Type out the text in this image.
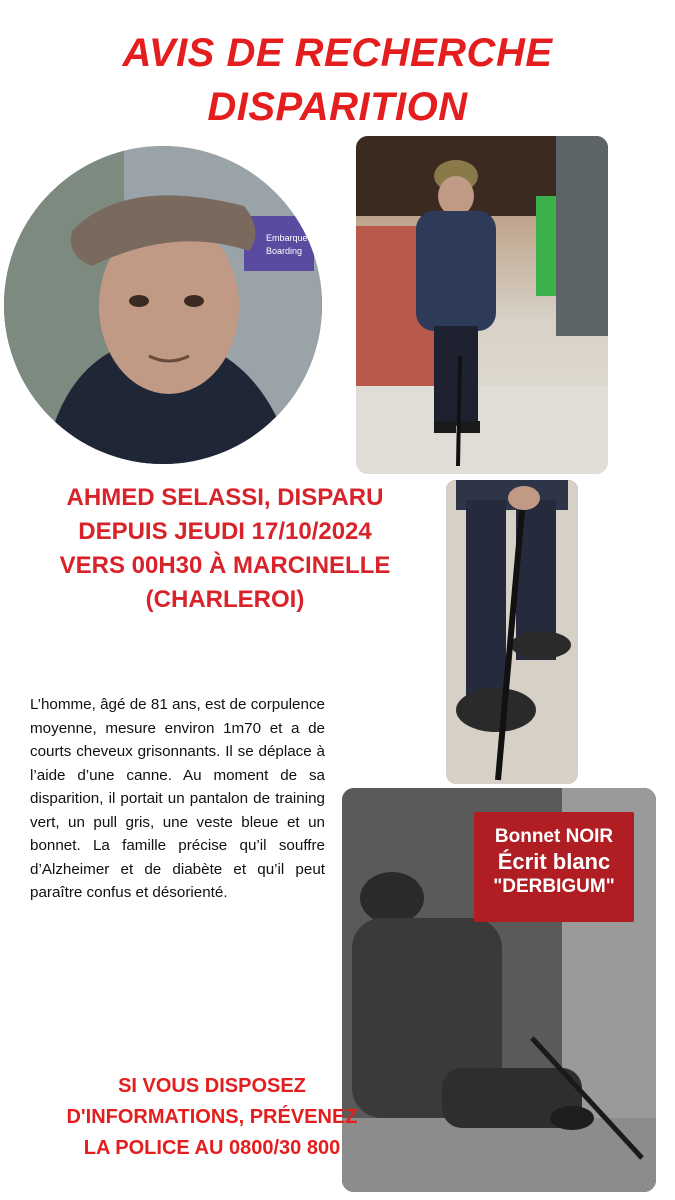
AVIS DE RECHERCHE
DISPARITION
Embarque
Boarding
AHMED SELASSI, DISPARU
DEPUIS JEUDI 17/10/2024
VERS 00H30 À MARCINELLE
(CHARLEROI)
L’homme, âgé de 81 ans, est de corpulence moyenne, mesure environ 1m70 et a de courts cheveux grisonnants. Il se déplace à l’aide d’une canne. Au moment de sa disparition, il portait un pantalon de training vert, un pull gris, une veste bleue et un bonnet. La famille précise qu’il souffre d’Alzheimer et de diabète et qu’il peut paraître confus et désorienté.
Bonnet NOIR
Écrit blanc
"DERBIGUM"
SI VOUS DISPOSEZ
D'INFORMATIONS, PRÉVENEZ
LA POLICE AU 0800/30 800
